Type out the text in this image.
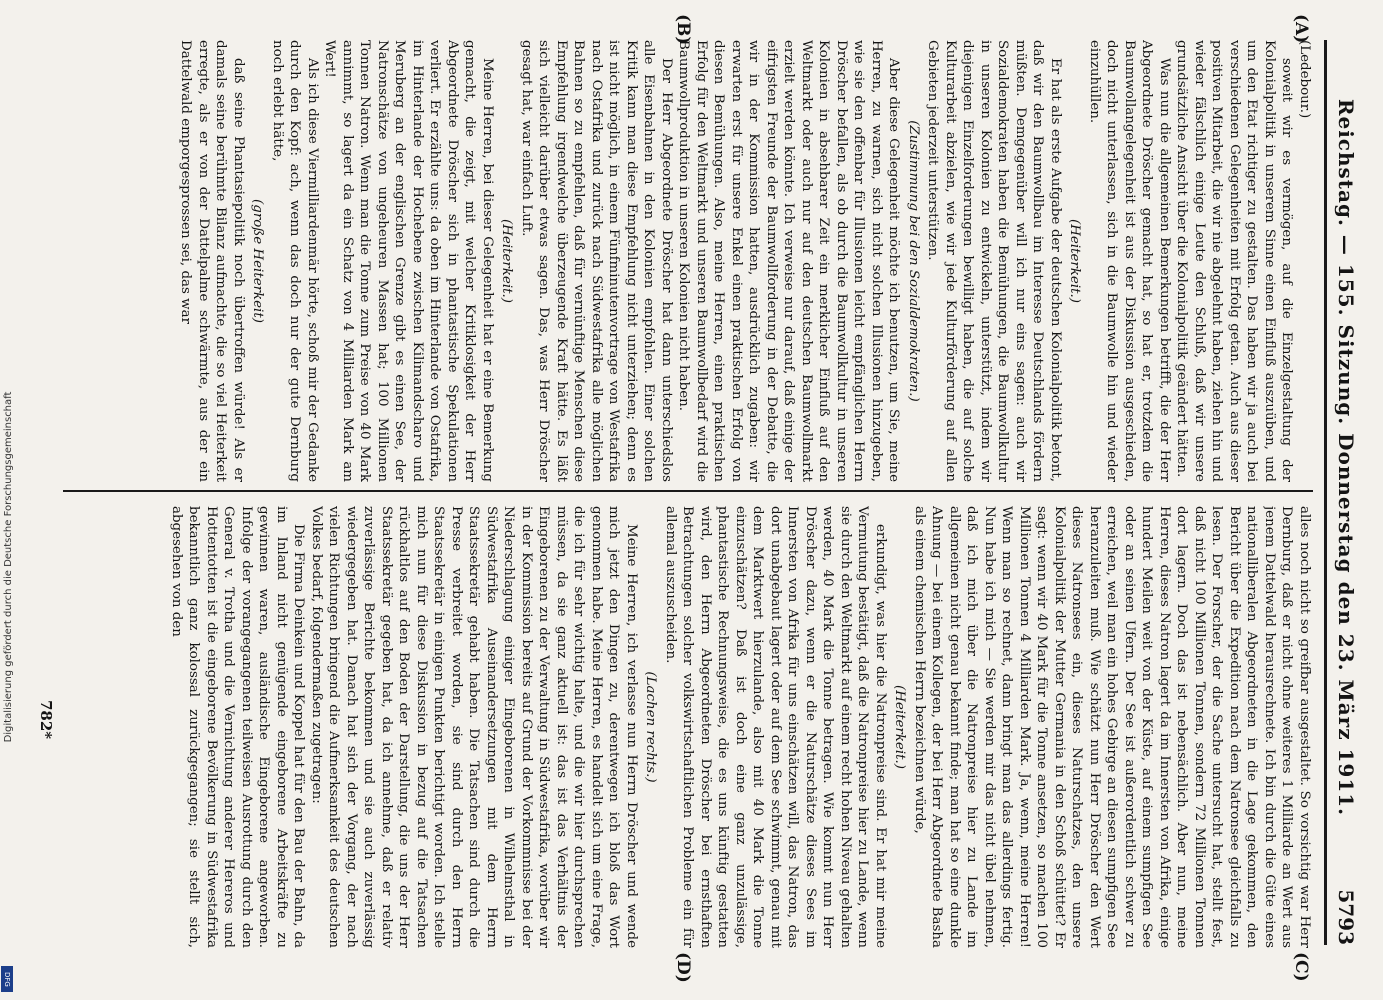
Reichstag. — 155. Sitzung. Donnerstag den 23. März 1911.
5793

(Ledebour.)

soweit wir es vermögen, auf die Einzelgestaltung der Kolonialpolitik in unserem Sinne einen Einfluß auszuüben, und um den Etat richtiger zu gestalten. Das haben wir ja auch bei verschiedenen Gelegenheiten mit Erfolg getan. Auch aus dieser positiven Mitarbeit, die wir nie abgelehnt haben, ziehen hin und wieder fälschlich einige Leute den Schluß, daß wir unsere grundsätzliche Ansicht über die Kolonialpolitik geändert hätten.

Was nun die allgemeinen Bemerkungen betrifft, die der Herr Abgeordnete Dröscher gemacht hat, so hat er, trotzdem die Baumwollangelegenheit ist aus der Diskussion ausgeschieden, doch nicht unterlassen, sich in die Baumwolle hin und wieder einzuhüllen.

(Heiterkeit.)

Er hat als erste Aufgabe der deutschen Kolonialpolitik betont, daß wir den Baumwollbau im Interesse Deutschlands fördern müßten. Demgegenüber will ich nur eins sagen: auch wir Sozialdemokraten haben die Bemühungen, die Baumwollkultur in unseren Kolonien zu entwickeln, unterstützt, indem wir diejenigen Einzelforderungen bewilligt haben, die auf solche Kulturarbeit abzielen, wie wir jede Kulturförderung auf allen Gebieten jederzeit unterstützen.

(Zustimmung bei den Sozialdemokraten.)

Aber diese Gelegenheit möchte ich benutzen, um Sie, meine Herren, zu warnen, sich nicht solchen Illusionen hinzugeben, wie sie den offenbar für Illusionen leicht empfänglichen Herrn Dröscher befallen, als ob durch die Baumwollkultur in unseren Kolonien in absehbarer Zeit ein merklicher Einfluß auf den Weltmarkt oder auch nur auf den deutschen Baumwollmarkt erzielt werden könnte. Ich verweise nur darauf, daß einige der eifrigsten Freunde der Baumwollforderung in der Debatte, die wir in der Kommission hatten, ausdrücklich zugaben: wir erwarten erst für unsere Enkel einen praktischen Erfolg von diesen Bemühungen. Also, meine Herren, einen praktischen Erfolg für den Weltmarkt und unseren Baumwollbedarf wird die Baumwollproduktion in unseren Kolonien nicht haben.

Der Herr Abgeordnete Dröscher hat dann unterschiedslos alle Eisenbahnen in den Kolonien empfohlen. Einer solchen Kritik kann man diese Empfehlung nicht unterziehen; denn es ist nicht möglich, in einem Fünfminutenvortrage von Westafrika nach Ostafrika und zurück nach Südwestafrika alle möglichen Bahnen so zu empfehlen, daß für vernünftige Menschen diese Empfehlung irgendwelche überzeugende Kraft hätte. Es läßt sich vielleicht darüber etwas sagen. Das, was Herr Dröscher gesagt hat, war einfach Luft.

(Heiterkeit.)

Meine Herren, bei dieser Gelegenheit hat er eine Bemerkung gemacht, die zeigt, mit welcher Kritiklosigkeit der Herr Abgeordnete Dröscher sich in phantastische Spekulationen verliert. Er erzählte uns: da oben im Hinterlande von Ostafrika, im Hinterlande der Hochebene zwischen Kilimandscharo und Meruberg an der englischen Grenze gibt es einen See, der Natronschätze von ungeheuren Massen hat; 100 Millionen Tonnen Natron. Wenn man die Tonne zum Preise von 40 Mark annimmt, so lagert da ein Schatz von 4 Milliarden Mark am Wert!

Als ich diese Viermilliardenmär hörte, schoß mir der Gedanke durch den Kopf: ach, wenn das doch nur der gute Dernburg noch erlebt hätte,

(große Heiterkeit)

daß seine Phantasiepolitik noch übertroffen würde! Als er damals seine berühmte Bilanz aufmachte, die so viel Heiterkeit erregte, als er von der Dattelpalme schwärmte, aus der ein Dattelwald emporgesprossen sei, das war

alles noch nicht so greifbar ausgestaltet. So vorsichtig war Herr Dernburg, daß er nicht ohne weiteres 1 Milliarde an Wert aus jenem Dattelwald herausrechnete. Ich bin durch die Güte eines nationalliberalen Abgeordneten in die Lage gekommen, den Bericht über die Expedition nach dem Natronsee gleichfalls zu lesen. Der Forscher, der die Sache untersucht hat, stellt fest, daß nicht 100 Millionen Tonnen, sondern 72 Millionen Tonnen dort lagern. Doch das ist nebensächlich. Aber nun, meine Herren, dieses Natron lagert da im Innersten von Afrika, einige hundert Meilen weit von der Küste, auf einem sumpfigen See oder an seinen Ufern. Der See ist außerordentlich schwer zu erreichen, weil man ein hohes Gebirge an diesen sumpfigen See heranzuleiten muß. Wie schätzt nun Herr Dröscher den Wert dieses Natronsees ein, dieses Naturschatzes, den unsere Kolonialpolitik der Mutter Germania in den Schoß schüttet? Er sagt: wenn wir 40 Mark für die Tonne ansetzen, so machen 100 Millionen Tonnen 4 Milliarden Mark. Ja, wenn, meine Herren! Wenn man so rechnet, dann bringt man das allerdings fertig. Nun habe ich mich — Sie werden mir das nicht übel nehmen, daß ich mich über die Natronpreise hier zu Lande im allgemeinen nicht genau bekannt finde; man hat so eine dunkle Ahnung — bei einem Kollegen, der bei Herr Abgeordnete Basha als einem chemischen Herrn bezeichnen würde,

(Heiterkeit.)

erkundigt, was hier die Natronpreise sind. Er hat mir meine Vermutung bestätigt, daß die Natronpreise hier zu Lande, wenn sie durch den Weltmarkt auf einem recht hohen Niveau gehalten werden, 40 Mark die Tonne betragen. Wie kommt nun Herr Dröscher dazu, wenn er die Naturschätze dieses Sees im Innersten von Afrika für uns einschätzen will, das Natron, das dort unabgebaut lagert oder auf dem See schwimmt, genau mit dem Marktwert hierzulande, also mit 40 Mark die Tonne einzuschätzen? Daß ist doch eine ganz unzulässige, phantastische Rechnungsweise, die es uns künftig gestatten wird, den Herrn Abgeordneten Dröscher bei ernsthaften Betrachtungen solcher volkswirtschaftlichen Probleme ein für allemal auszuscheiden.

(Lachen rechts.)

Meine Herren, ich verlasse nun Herrn Dröscher und wende mich jetzt den Dingen zu, derentwegen ich bloß das Wort genommen habe. Meine Herren, es handelt sich um eine Frage, die ich für sehr wichtig halte, und die wir hier durchsprechen müssen, da sie ganz aktuell ist: das ist das Verhältnis der Eingeborenen zu der Verwaltung in Südwestafrika, worüber wir in der Kommission bereits auf Grund der Vorkommnisse bei der Niederschlagung einiger Eingeborenen in Wilhelmsthal in Südwestafrika Auseinandersetzungen mit dem Herrn Staatssekretär gehabt haben. Die Tatsachen sind durch die Presse verbreitet worden, sie sind durch den Herrn Staatssekretär in einigen Punkten berichtigt worden. Ich stelle mich nun für diese Diskussion in bezug auf die Tatsachen rückhaltlos auf den Boden der Darstellung, die uns der Herr Staatssekretär gegeben hat, da ich annehme, daß er relativ zuverlässige Berichte bekommen und sie auch zuverlässig wiedergegeben hat. Danach hat sich der Vorgang, der nach vielen Richtungen bringend die Aufmerksamkeit des deutschen Volkes bedarf, folgendermaßen zugetragen:

Die Firma Deinkein und Koppel hat für den Bau der Bahn, da im Inland nicht genügende eingeborene Arbeitskräfte zu gewinnen waren, ausländische Eingeborene angeworben. Infolge der vorangegangenen teilweisen Ausrottung durch den General v. Trotha und die Vernichtung anderer Hereros und Hottentotten ist die eingeborene Bevölkerung in Südwestafrika bekanntlich ganz kolossal zurückgegangen; sie stellt sich, abgesehen von den

(A)
(B)
(C)
(D)
782*
Digitalisierung gefördert durch die Deutsche Forschungsgemeinschaft
DFG
